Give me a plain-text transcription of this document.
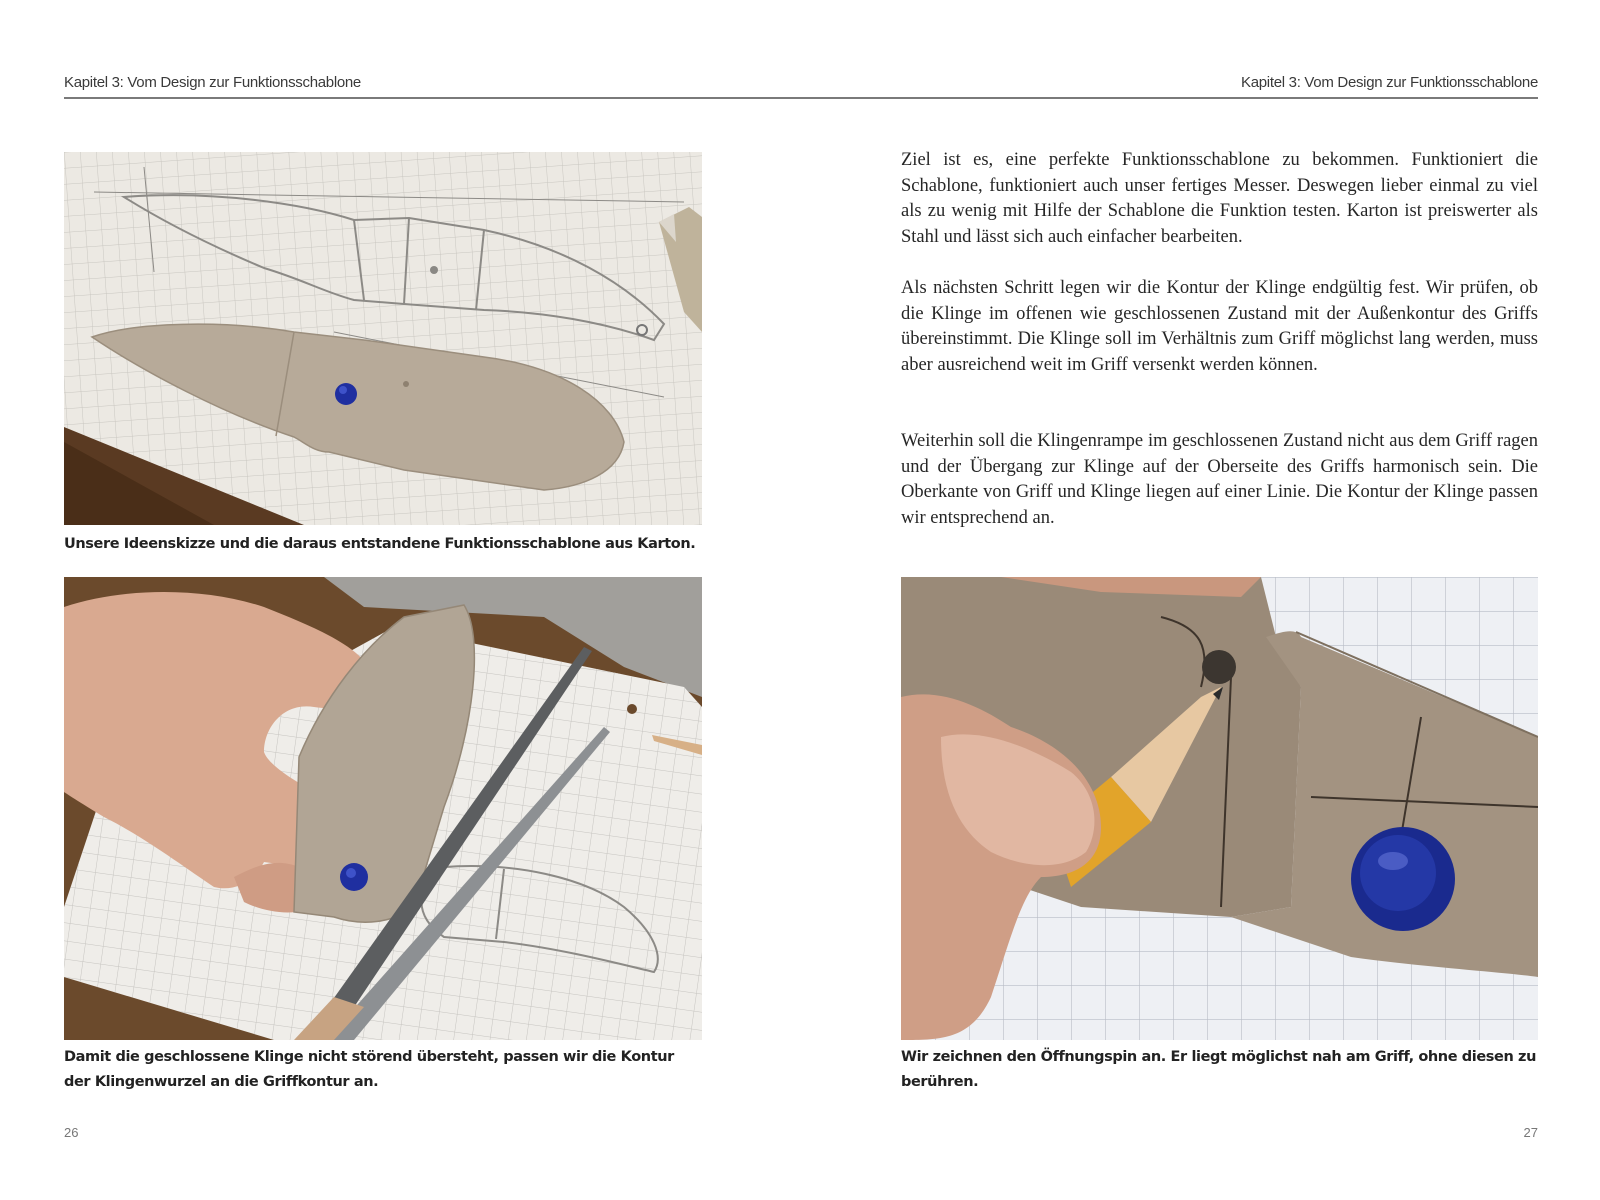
Kapitel 3: Vom Design zur Funktionsschablone	Kapitel 3: Vom Design zur Funktionsschablone
Unsere Ideenskizze und die daraus entstandene Funktionsschablone aus Karton.
Damit die geschlossene Klinge nicht störend übersteht, passen wir die Kontur der Klingenwurzel an die Griffkontur an.

Ziel ist es, eine perfekte Funktionsschablone zu bekommen. Funktioniert die Schablone, funktioniert auch unser fertiges Messer. Deswegen lieber einmal zu viel als zu wenig mit Hilfe der Schablone die Funktion testen. Karton ist preiswerter als Stahl und lässt sich auch einfacher bearbeiten.

Als nächsten Schritt legen wir die Kontur der Klinge endgültig fest. Wir prüfen, ob die Klinge im offenen wie geschlossenen Zustand mit der Außenkontur des Griffs übereinstimmt. Die Klinge soll im Verhältnis zum Griff möglichst lang werden, muss aber ausreichend weit im Griff versenkt werden können.

Weiterhin soll die Klingenrampe im geschlossenen Zustand nicht aus dem Griff ragen und der Übergang zur Klinge auf der Oberseite des Griffs harmonisch sein. Die Oberkante von Griff und Klinge liegen auf einer Linie. Die Kontur der Klinge passen wir entsprechend an.

Wir zeichnen den Öffnungspin an. Er liegt möglichst nah am Griff, ohne diesen zu berühren.
26	27
